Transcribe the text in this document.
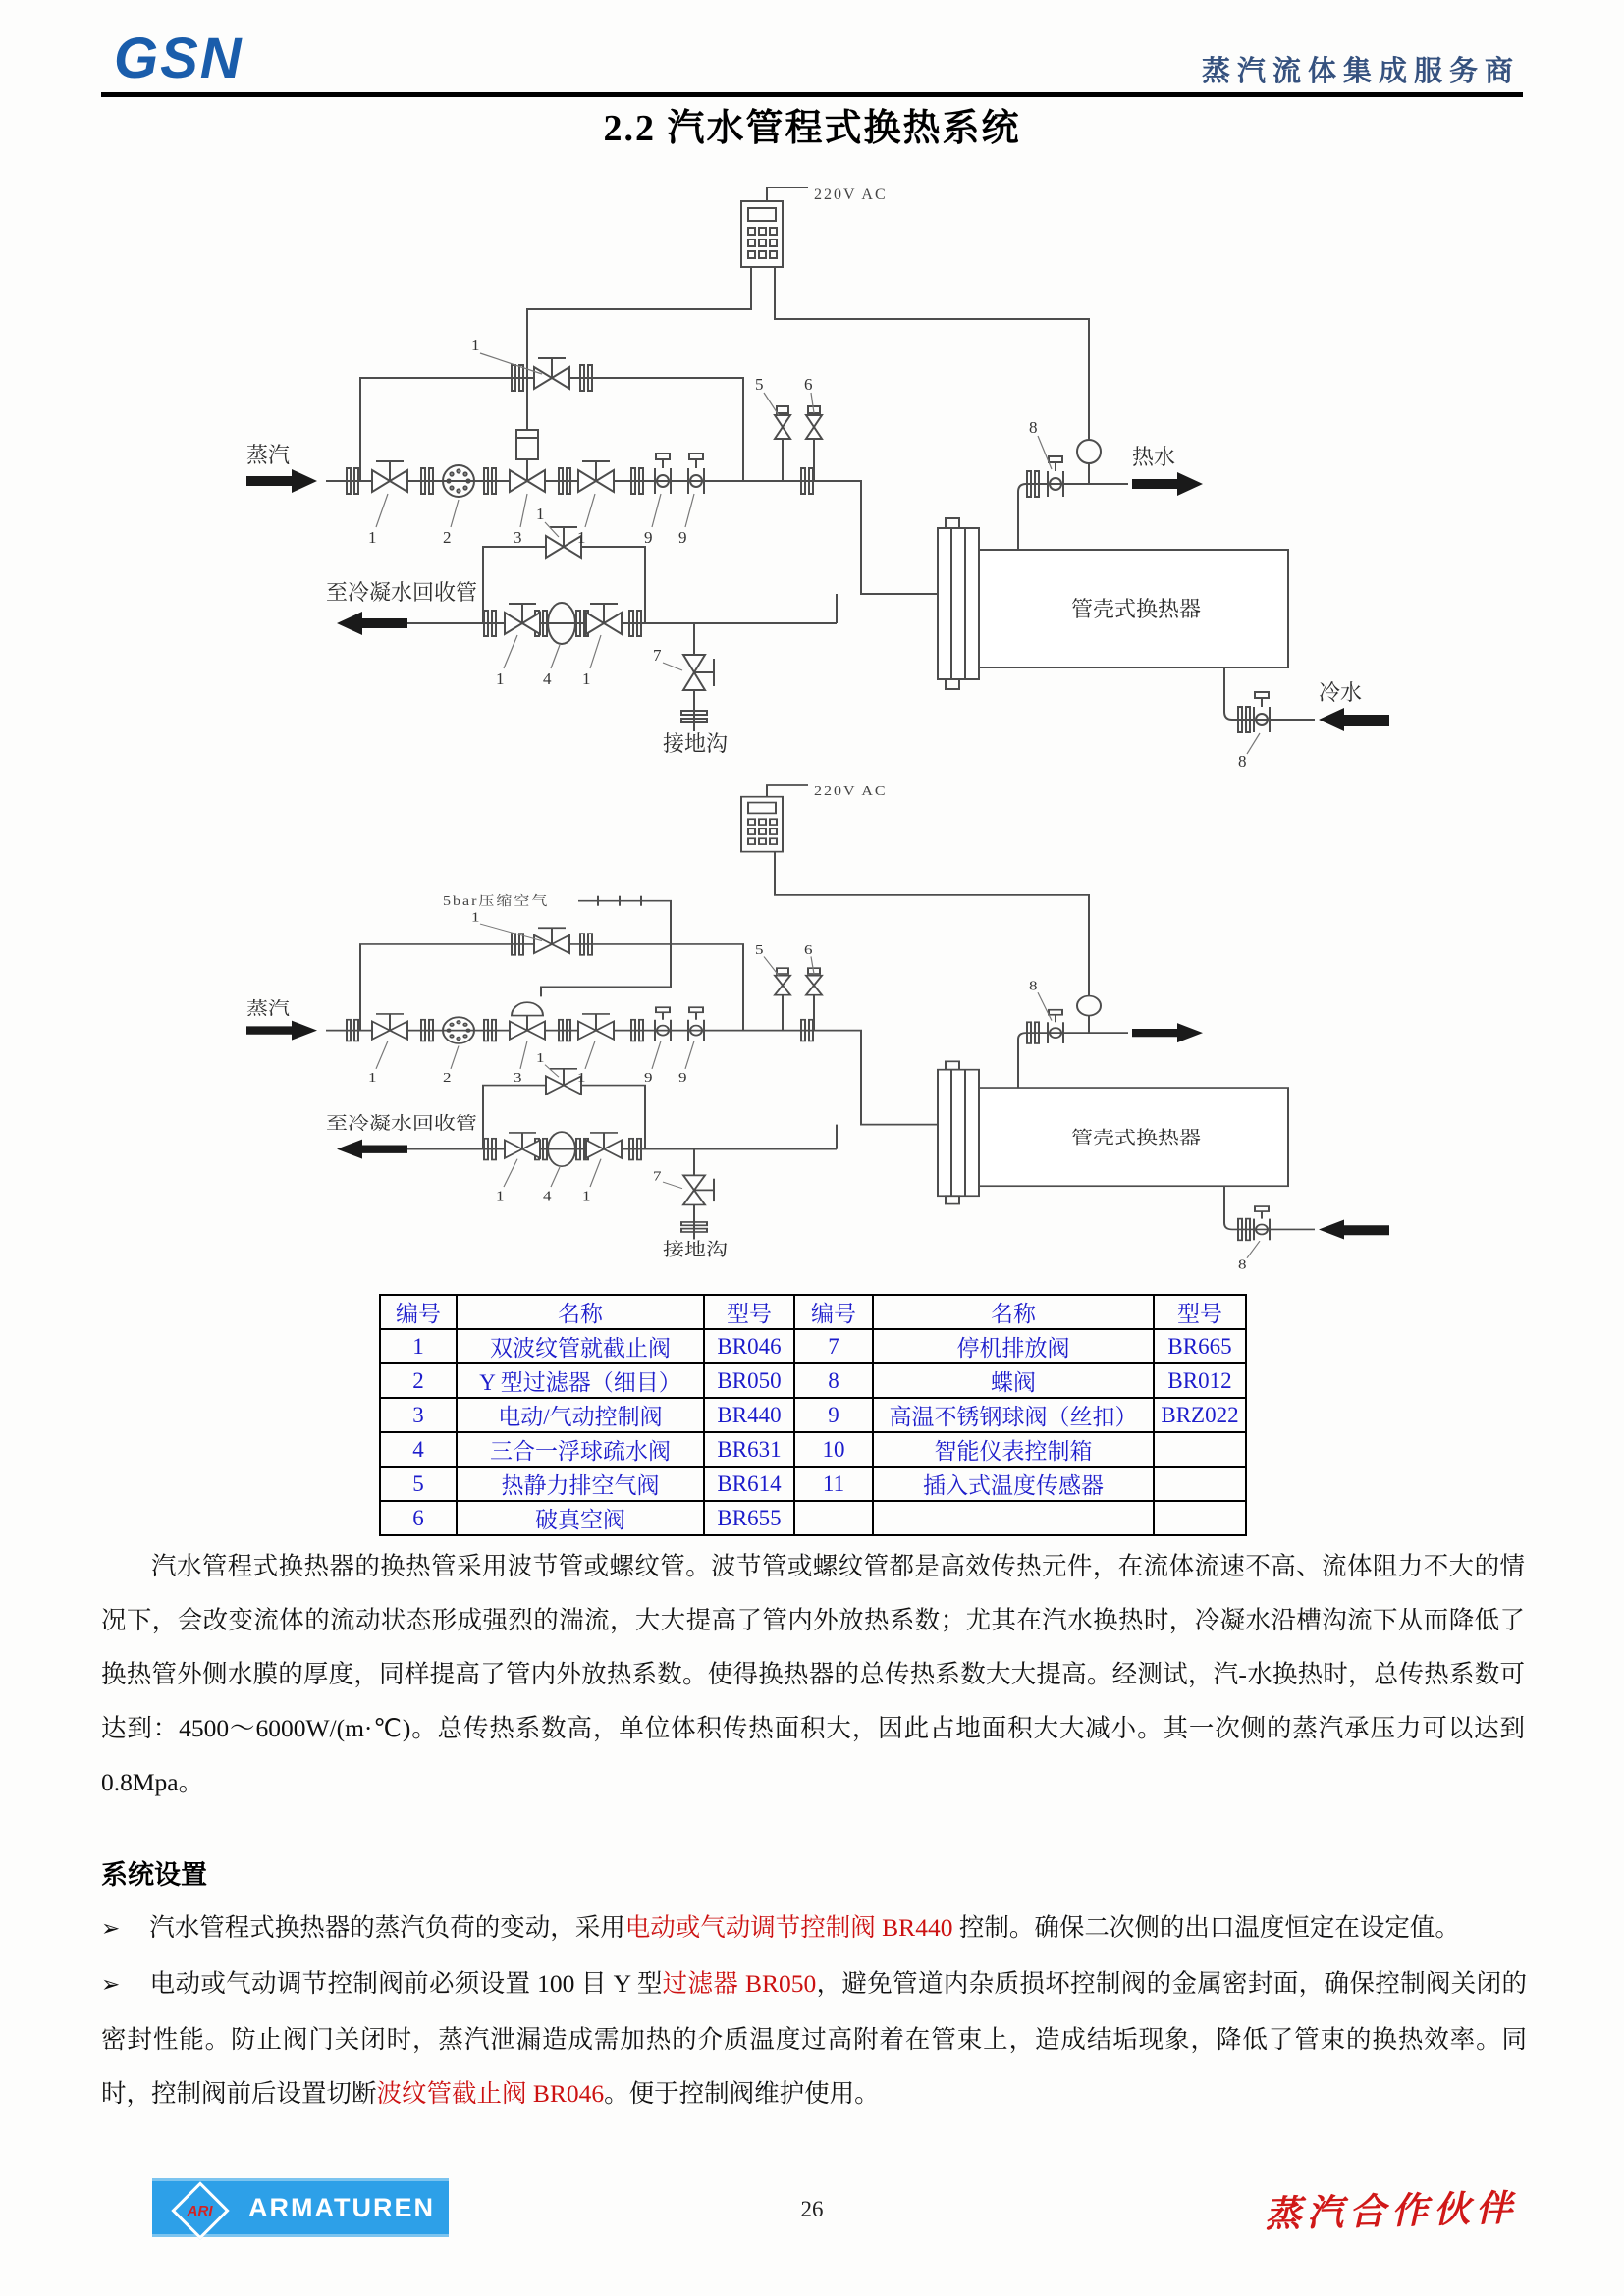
GSN	蒸汽流体集成服务商
2.2 汽水管程式换热系统
220V AC
管壳式换热器
蒸汽	热水
冷水
至冷凝水回收管
接地沟
1
1	2	3	1	9 9
5 6
8
8
1
1 4 1
7
220V AC
5bar压缩空气
管壳式换热器
蒸汽
至冷凝水回收管
接地沟
1
1	2	3	1	9 9
5 6
8
8
1
1 4 1
7
编号	名称	型号	编号	名称	型号
1	双波纹管就截止阀	BR046	7	停机排放阀	BR665
2	Y 型过滤器（细目）	BR050	8	蝶阀	BR012
3	电动/气动控制阀	BR440	9	高温不锈钢球阀（丝扣）	BRZ022
4	三合一浮球疏水阀	BR631	10	智能仪表控制箱	
5	热静力排空气阀	BR614	11	插入式温度传感器	
6	破真空阀	BR655			
汽水管程式换热器的换热管采用波节管或螺纹管。波节管或螺纹管都是高效传热元件，在流体流速不高、流体阻力不大的情况下，会改变流体的流动状态形成强烈的湍流，大大提高了管内外放热系数；尤其在汽水换热时，冷凝水沿槽沟流下从而降低了换热管外侧水膜的厚度，同样提高了管内外放热系数。使得换热器的总传热系数大大提高。经测试，汽-水换热时，总传热系数可达到：4500～6000W/(m·℃)。总传热系数高，单位体积传热面积大，因此占地面积大大减小。其一次侧的蒸汽承压力可以达到 0.8Mpa。
系统设置

➢ 汽水管程式换热器的蒸汽负荷的变动，采用电动或气动调节控制阀 BR440 控制。确保二次侧的出口温度恒定在设定值。

➢ 电动或气动调节控制阀前必须设置 100 目 Y 型过滤器 BR050，避免管道内杂质损坏控制阀的金属密封面，确保控制阀关闭的密封性能。防止阀门关闭时，蒸汽泄漏造成需加热的介质温度过高附着在管束上，造成结垢现象，降低了管束的换热效率。同时，控制阀前后设置切断波纹管截止阀 BR046。便于控制阀维护使用。

ARI ARMATUREN	26	蒸汽合作伙伴
